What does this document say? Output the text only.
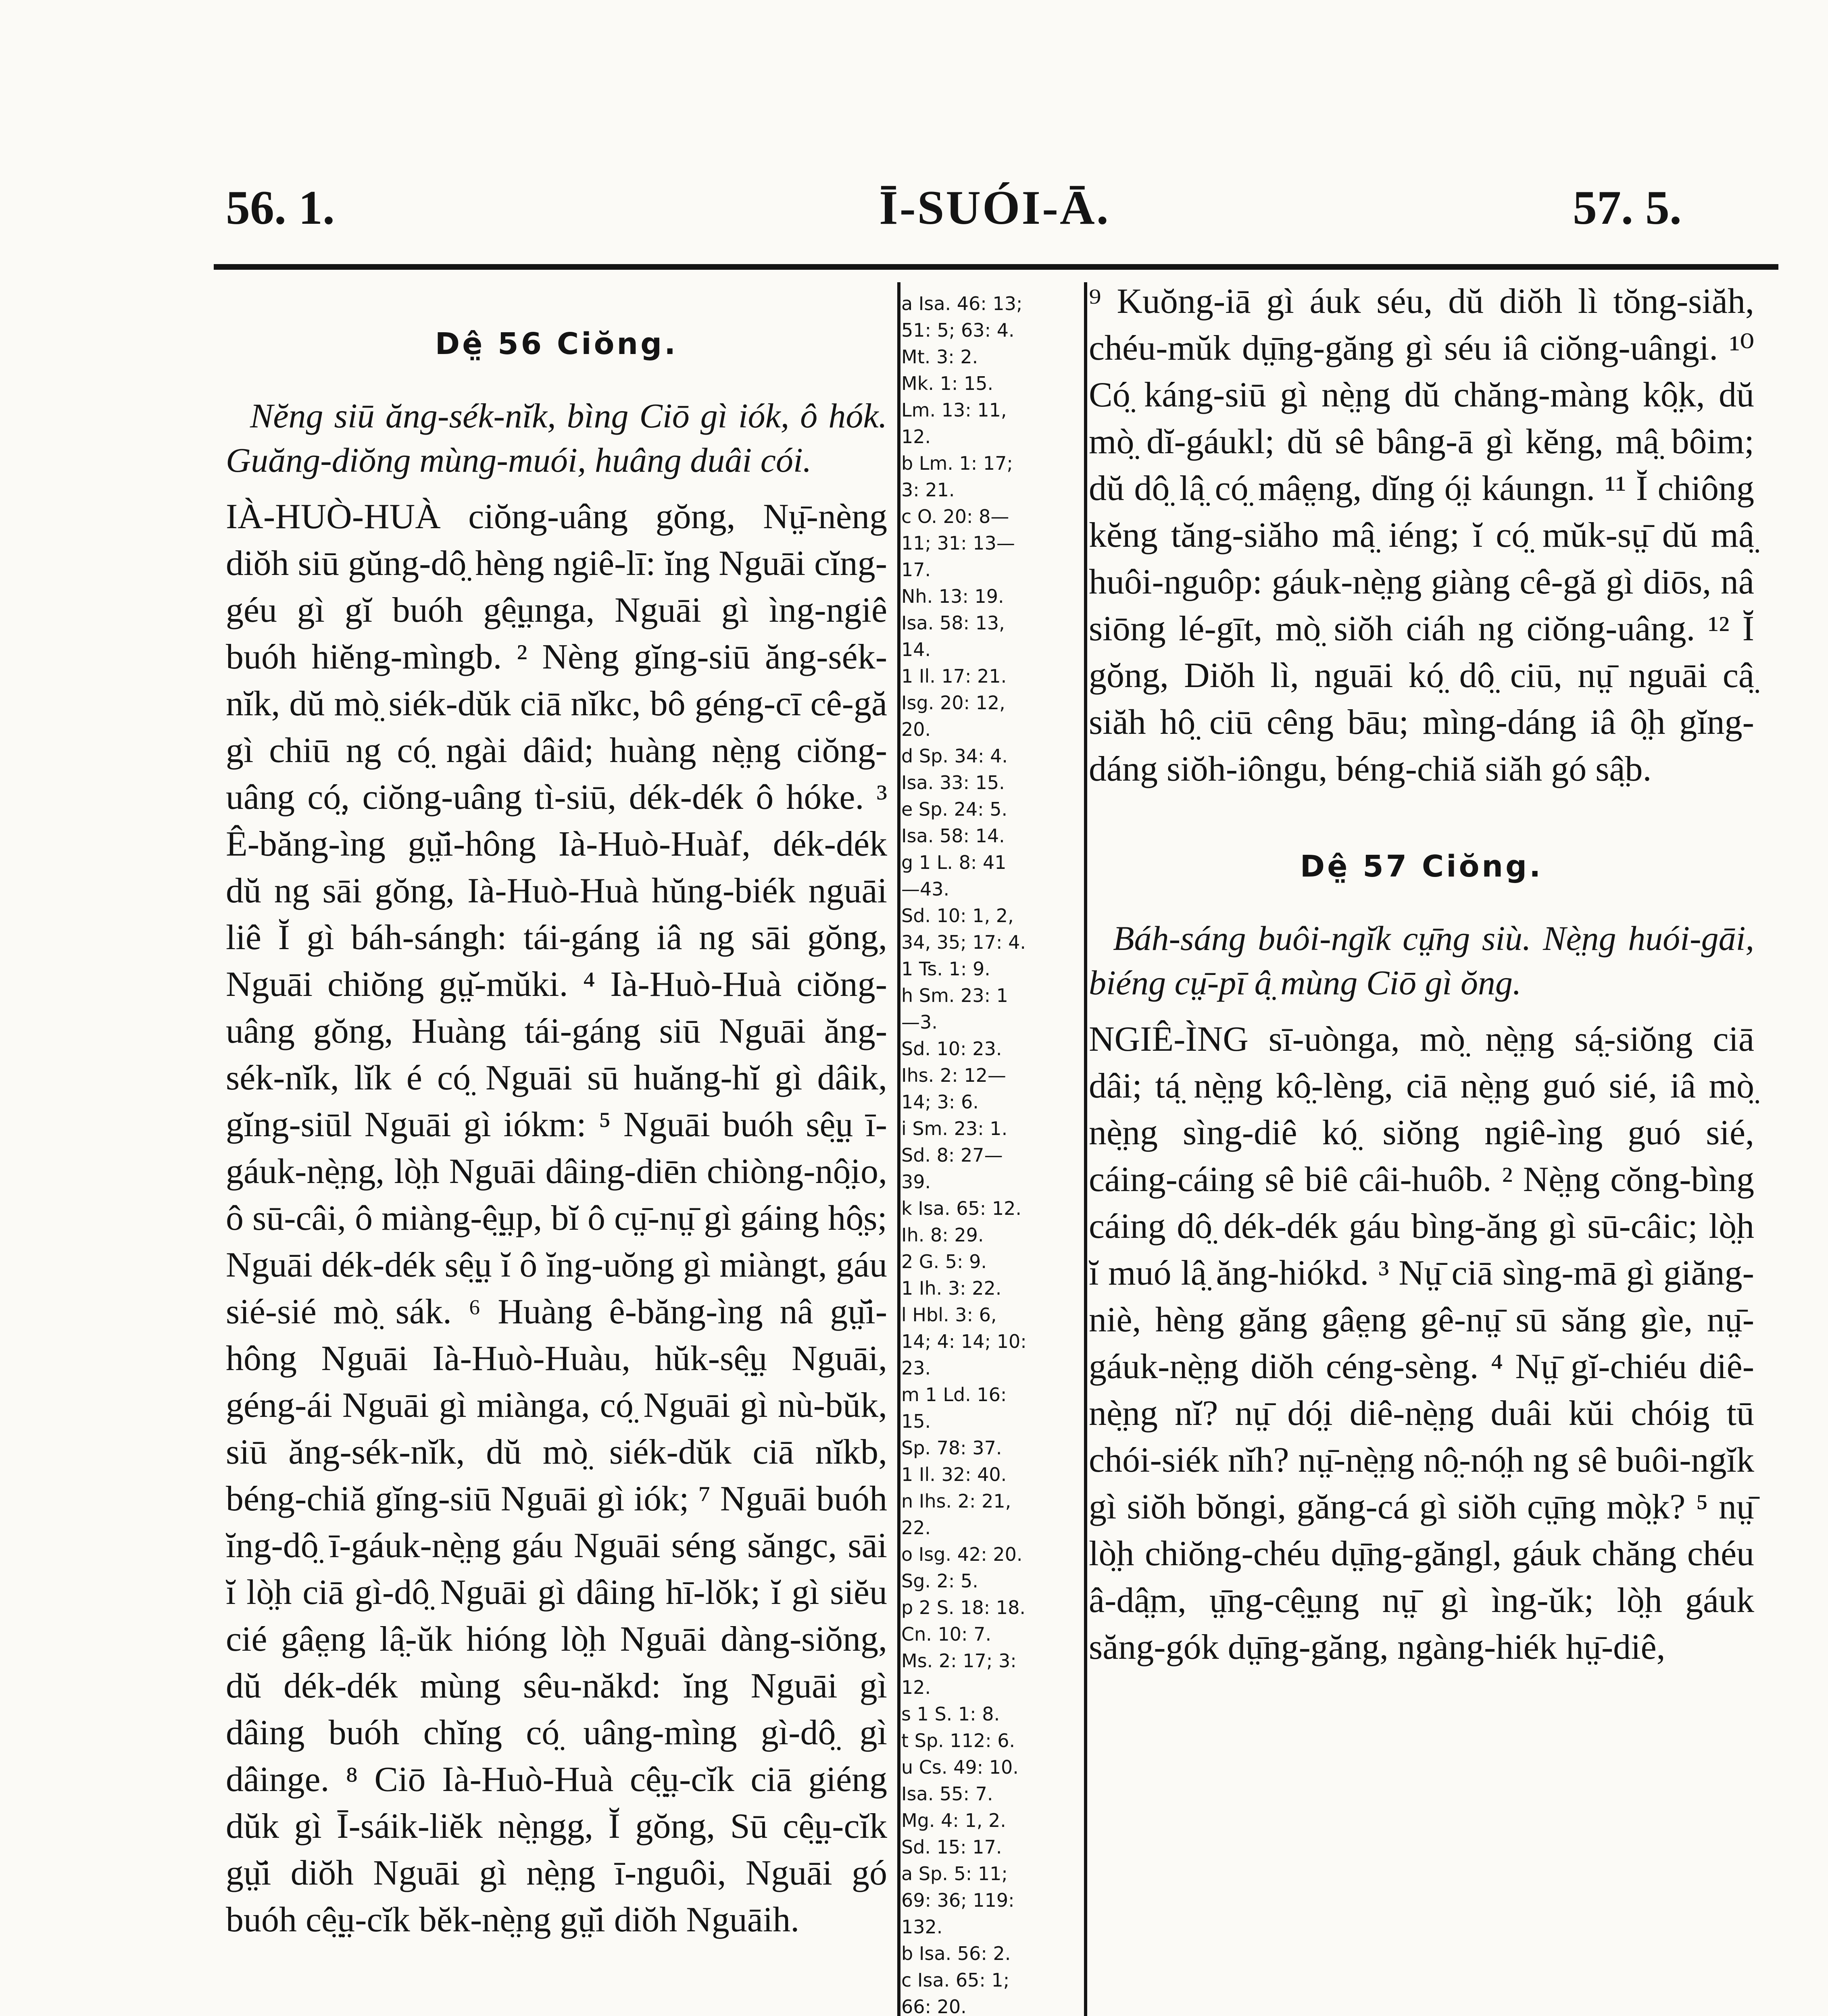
56. 1.	Ī-SUÓI-Ā.	57. 5.
Dê̤ 56 Ciŏng.

Nĕng siū ăng-sék-nĭk, bìng Ciō gì iók, ô hók. Guăng-diŏng mùng-muói, huâng duâi cói.

IÀ-HUÒ-HUÀ ciŏng-uâng gŏng, Nṳ̄-nèng diŏh siū gŭng-dô̤ hèng ngiê-lī: ĭng Nguāi cĭng-géu gì gĭ buóh gê̤ṳnga, Nguāi gì ìng-ngiê buóh hiĕng-mìngb. ² Nèng gĭng-siū ăng-sék-nĭk, dŭ mò̤ siék-dŭk ciā nĭkc, bô géng-cī cê-gă gì chiū ng có̤ ngài dâid; huàng nè̤ng ciŏng-uâng có̤, ciŏng-uâng tì-siū, dék-dék ô hóke. ³ Ê-băng-ìng gṳ̆i-hông Ià-Huò-Huàf, dék-dék dŭ ng sāi gŏng, Ià-Huò-Huà hŭng-biék nguāi liê Ĭ gì báh-sángh: tái-gáng iâ ng sāi gŏng, Nguāi chiŏng gṳ̆-mŭki. ⁴ Ià-Huò-Huà ciŏng-uâng gŏng, Huàng tái-gáng siū Nguāi ăng-sék-nĭk, lĭk é có̤ Nguāi sū huăng-hĭ gì dâik, gĭng-siūl Nguāi gì iókm: ⁵ Nguāi buóh sê̤ṳ ī-gáuk-nè̤ng, lò̤h Nguāi dâing-diēn chiòng-nô̤io, ô sū-câi, ô miàng-ê̤ṳp, bĭ ô cṳ̄-nṳ̄ gì gáing hô̤s; Nguāi dék-dék sê̤ṳ ĭ ô ĭng-uŏng gì miàngt, gáu sié-sié mò̤ sák. ⁶ Huàng ê-băng-ìng nâ gṳ̆i-hông Nguāi Ià-Huò-Huàu, hŭk-sê̤ṳ Nguāi, géng-ái Nguāi gì miànga, có̤ Nguāi gì nù-bŭk, siū ăng-sék-nĭk, dŭ mò̤ siék-dŭk ciā nĭkb, béng-chiă gĭng-siū Nguāi gì iók; ⁷ Nguāi buóh ĭng-dô̤ ī-gáuk-nè̤ng gáu Nguāi séng săngc, sāi ĭ lò̤h ciā gì-dô̤ Nguāi gì dâing hī-lŏk; ĭ gì siĕu cié gâe̤ng lâ̤-ŭk hióng lò̤h Nguāi dàng-siŏng, dŭ dék-dék mùng sêu-năkd: ĭng Nguāi gì dâing buóh chĭng có̤ uâng-mìng gì-dô̤ gì dâinge. ⁸ Ciō Ià-Huò-Huà cê̤ṳ-cĭk ciā giéng dŭk gì Ī-sáik-liĕk nè̤ngg, Ĭ gŏng, Sū cê̤ṳ-cĭk gṳ̆i diŏh Nguāi gì nè̤ng ī-nguôi, Nguāi gó buóh cê̤ṳ-cĭk bĕk-nè̤ng gṳ̆i diŏh Nguāih.

a Isa. 46: 13;
51: 5; 63: 4.
Mt. 3: 2.
Mk. 1: 15.
Lm. 13: 11,
12.
b Lm. 1: 17;
3: 21.
c O. 20: 8—
11; 31: 13—
17.
Nh. 13: 19.
Isa. 58: 13,
14.
1 Il. 17: 21.
Isg. 20: 12,
20.
d Sp. 34: 4.
Isa. 33: 15.
e Sp. 24: 5.
Isa. 58: 14.
g 1 L. 8: 41
—43.
Sd. 10: 1, 2,
34, 35; 17: 4.
1 Ts. 1: 9.
h Sm. 23: 1
—3.
Sd. 10: 23.
Ihs. 2: 12—
14; 3: 6.
i Sm. 23: 1.
Sd. 8: 27—
39.
k Isa. 65: 12.
Ih. 8: 29.
2 G. 5: 9.
1 Ih. 3: 22.
l Hbl. 3: 6,
14; 4: 14; 10:
23.
m 1 Ld. 16:
15.
Sp. 78: 37.
1 Il. 32: 40.
n Ihs. 2: 21,
22.
o Isg. 42: 20.
Sg. 2: 5.
p 2 S. 18: 18.
Cn. 10: 7.
Ms. 2: 17; 3:
12.
s 1 S. 1: 8.
t Sp. 112: 6.
u Cs. 49: 10.
Isa. 55: 7.
Mg. 4: 1, 2.
Sd. 15: 17.
a Sp. 5: 11;
69: 36; 119:
132.
b Isa. 56: 2.
c Isa. 65: 1;
66: 20.

⁹ Kuŏng-iā gì áuk séu, dŭ diŏh lì tŏng-siăh, chéu-mŭk dṳ̄ng-găng gì séu iâ ciŏng-uângi. ¹⁰ Có̤ káng-siū gì nè̤ng dŭ chăng-màng kô̤k, dŭ mò̤ dĭ-gáukl; dŭ sê bâng-ā gì kĕng, mâ̤ bôim; dŭ dô̤ lâ̤ có̤ mâe̤ng, dĭng ó̤i káungn. ¹¹ Ĭ chiông kĕng tăng-siăho mâ̤ iéng; ĭ có̤ mŭk-sṳ̄ dŭ mâ̤ huôi-nguôp: gáuk-nè̤ng giàng cê-gă gì diōs, nâ siōng lé-gīt, mò̤ siŏh ciáh ng ciŏng-uâng. ¹² Ĭ gŏng, Diŏh lì, nguāi kó̤ dô̤ ciū, nṳ̄ nguāi câ̤ siăh hô̤ ciū cêng bāu; mìng-dáng iâ ô̤h gĭng-dáng siŏh-iôngu, béng-chiă siăh gó sâ̤b.

Dê̤ 57 Ciŏng.

Báh-sáng buôi-ngĭk cṳ̄ng siù. Nè̤ng huói-gāi, biéng cṳ̄-pī â̤ mùng Ciō gì ŏng.

NGIÊ-ÌNG sī-uòngа, mò̤ nè̤ng sá̤-siŏng ciā dâi; tá̤ nè̤ng kô̤-lèng, ciā nè̤ng guó sié, iâ mò̤ nè̤ng sìng-diê kó̤ siŏng ngiê-ìng guó sié, cáing-cáing sê biê câi-huôb. ² Nè̤ng cŏng-bìng cáing dô̤ dék-dék gáu bìng-ăng gì sū-câic; lò̤h ĭ muó lâ̤ ăng-hiókd. ³ Nṳ̄ ciā sìng-mā gì giăng-niè, hèng găng gâe̤ng gê-nṳ̄ sū săng gìe, nṳ̄-gáuk-nè̤ng diŏh céng-sèng. ⁴ Nṳ̄ gĭ-chiéu diê-nè̤ng nĭ? nṳ̄ dó̤i diê-nè̤ng duâi kŭi chóig tū chói-siék nĭh? nṳ̄-nè̤ng nô̤-nó̤h ng sê buôi-ngĭk gì siŏh bŏngi, găng-cá gì siŏh cṳ̄ng mò̤k? ⁵ nṳ̄ lò̤h chiŏng-chéu dṳ̄ng-găngl, gáuk chăng chéu â-dâ̤m, ṳ̄ng-cê̤ṳng nṳ̄ gì ìng-ŭk; lò̤h gáuk săng-gók dṳ̄ng-găng, ngàng-hiék hṳ̄-diê,
